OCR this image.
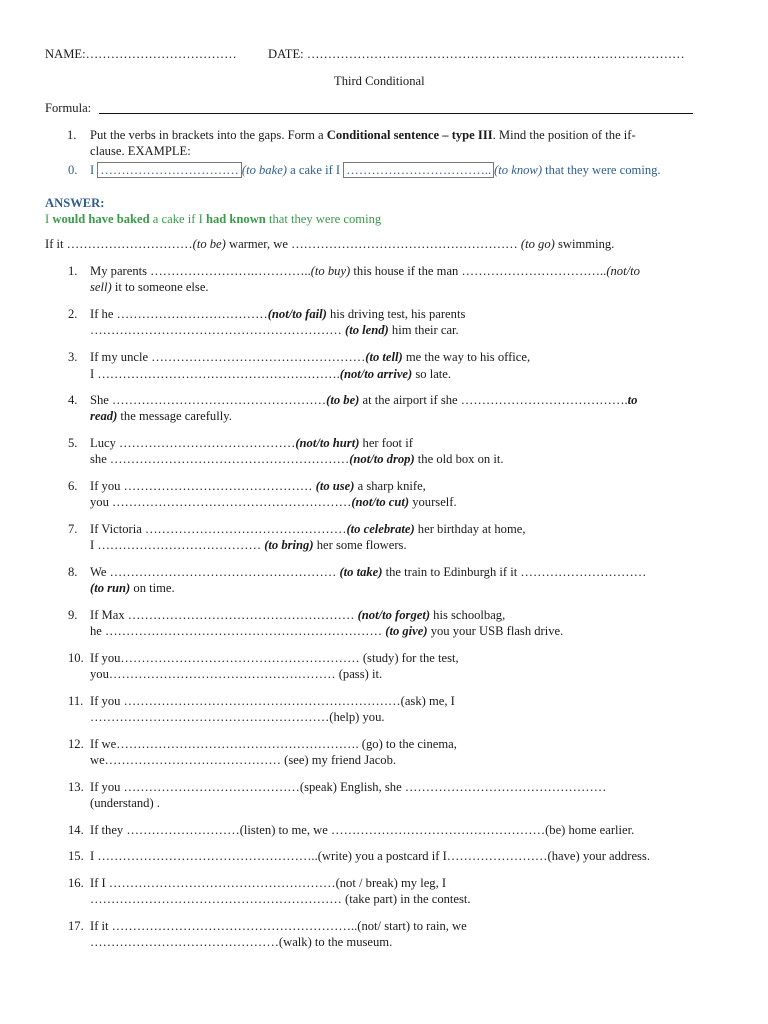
NAME:……………………………… DATE: ………………………………………………………………………………
Third Conditional
Formula:
1. Put the verbs in brackets into the gaps. Form a Conditional sentence – type III. Mind the position of the if-
clause. EXAMPLE:
0. I …………………………… (to bake) a cake if I …………………………….. (to know) that they were coming.
ANSWER:
I would have baked a cake if I had known that they were coming
If it …………………………(to be) warmer, we ……………………………………………… (to go) swimming.
1. My parents …………………….…………..(to buy) this house if the man ……………………………..(not/to
sell) it to someone else.
2. If he ………………………………(not/to fail) his driving test, his parents
…………………………………………………… (to lend) him their car.
3. If my uncle ……………………………………………(to tell) me the way to his office,
I ………………………………………………….(not/to arrive) so late.
4. She ……………………………………………(to be) at the airport if she ………………………………….to
read) the message carefully.
5. Lucy ……………………………………(not/to hurt) her foot if
she …………………………………………………(not/to drop) the old box on it.
6. If you ……………………………………… (to use) a sharp knife,
you …………………………………………………(not/to cut) yourself.
7. If Victoria …………………………………………(to celebrate) her birthday at home,
I ………………………………… (to bring) her some flowers.
8. We ……………………………………………… (to take) the train to Edinburgh if it …………………………
(to run) on time.
9. If Max ……………………………………………… (not/to forget) his schoolbag,
he ………………………………………………………… (to give) you your USB flash drive.
10. If you………………………………………………… (study) for the test,
you……………………………………………… (pass) it.
11. If you …………………………………………………………(ask) me, I
…………………………………………………(help) you.
12. If we…………………………………………………. (go) to the cinema,
we…………………………………… (see) my friend Jacob.
13. If you ……………………………………(speak) English, she …………………………………………
(understand) .
14. If they ………………………(listen) to me, we ……………………………………………(be) home earlier.
15. I ……………………………………………..(write) you a postcard if I……………………(have) your address.
16. If I ………………………………………………(not / break) my leg, I
…………………………………………………… (take part) in the contest.
17. If it …………………………………………………..(not/ start) to rain, we
………………………………………(walk) to the museum.
